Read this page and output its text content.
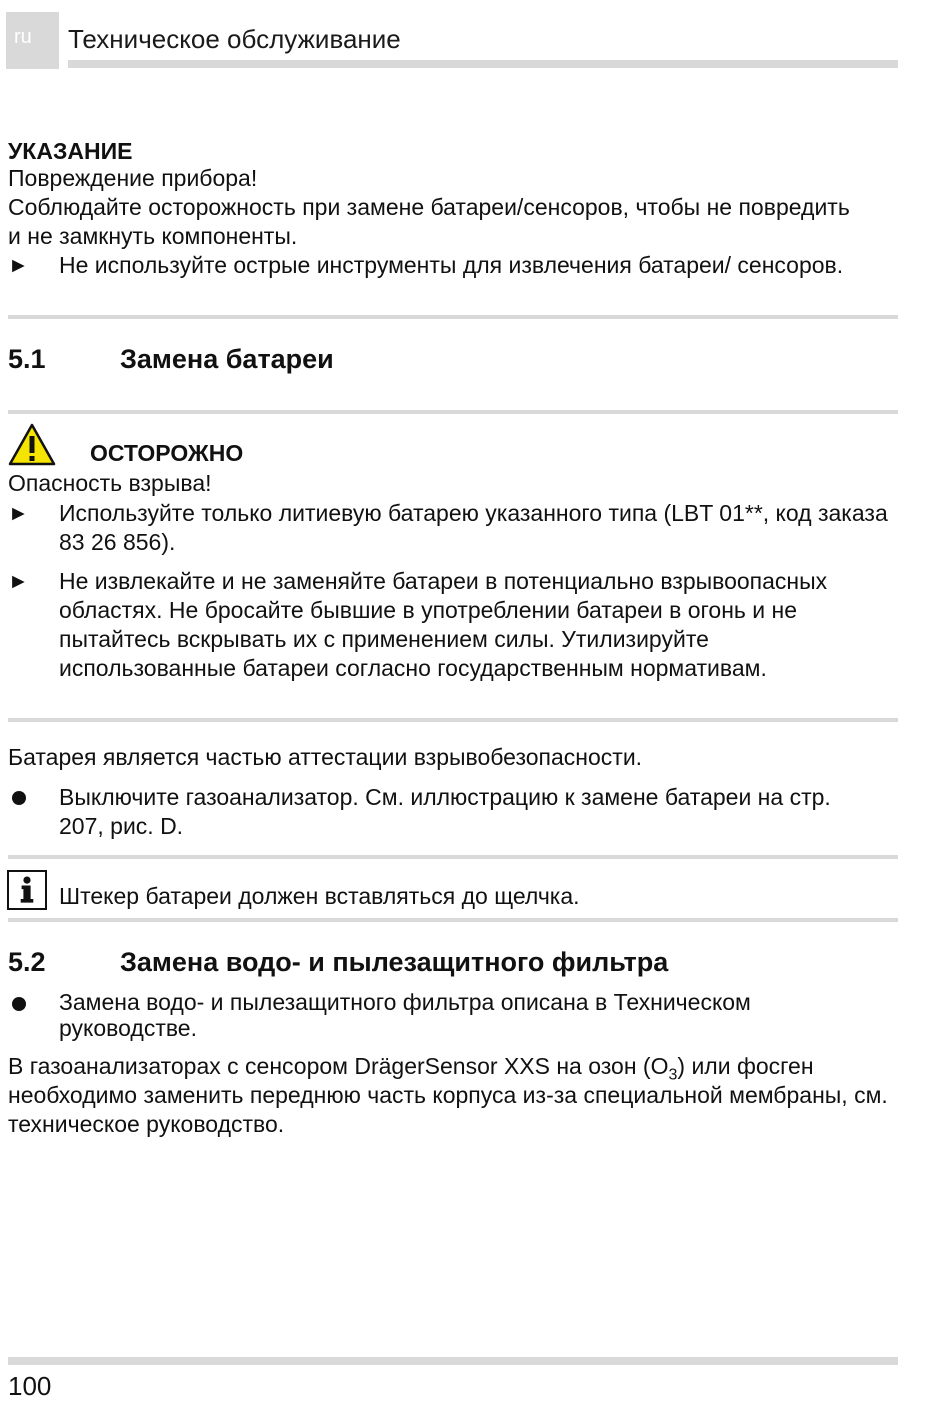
ru	Техническое обслуживание
УКАЗАНИЕ
Повреждение прибора!
Соблюдайте осторожность при замене батареи/сенсоров, чтобы не повредить и не замкнуть компоненты.
►	Не используйте острые инструменты для извлечения батареи/ сенсоров.
5.1	Замена батареи
ОСТОРОЖНО
Опасность взрыва!
►	Используйте только литиевую батарею указанного типа (LBT 01**, код заказа 83 26 856).
►	Не извлекайте и не заменяйте батареи в потенциально взрывоопасных областях. Не бросайте бывшие в употреблении батареи в огонь и не пытайтесь вскрывать их с применением силы. Утилизируйте использованные батареи согласно государственным нормативам.
Батарея является частью аттестации взрывобезопасности.
Выключите газоанализатор. См. иллюстрацию к замене батареи на стр. 207, рис. D.
Штекер батареи должен вставляться до щелчка.
5.2	Замена водо- и пылезащитного фильтра
Замена водо- и пылезащитного фильтра описана в Техническом руководстве.
В газоанализаторах с сенсором DrägerSensor XXS на озон $(O_3)$ или фосген необходимо заменить переднюю часть корпуса из-за специальной мембраны, см. техническое руководство.
100
